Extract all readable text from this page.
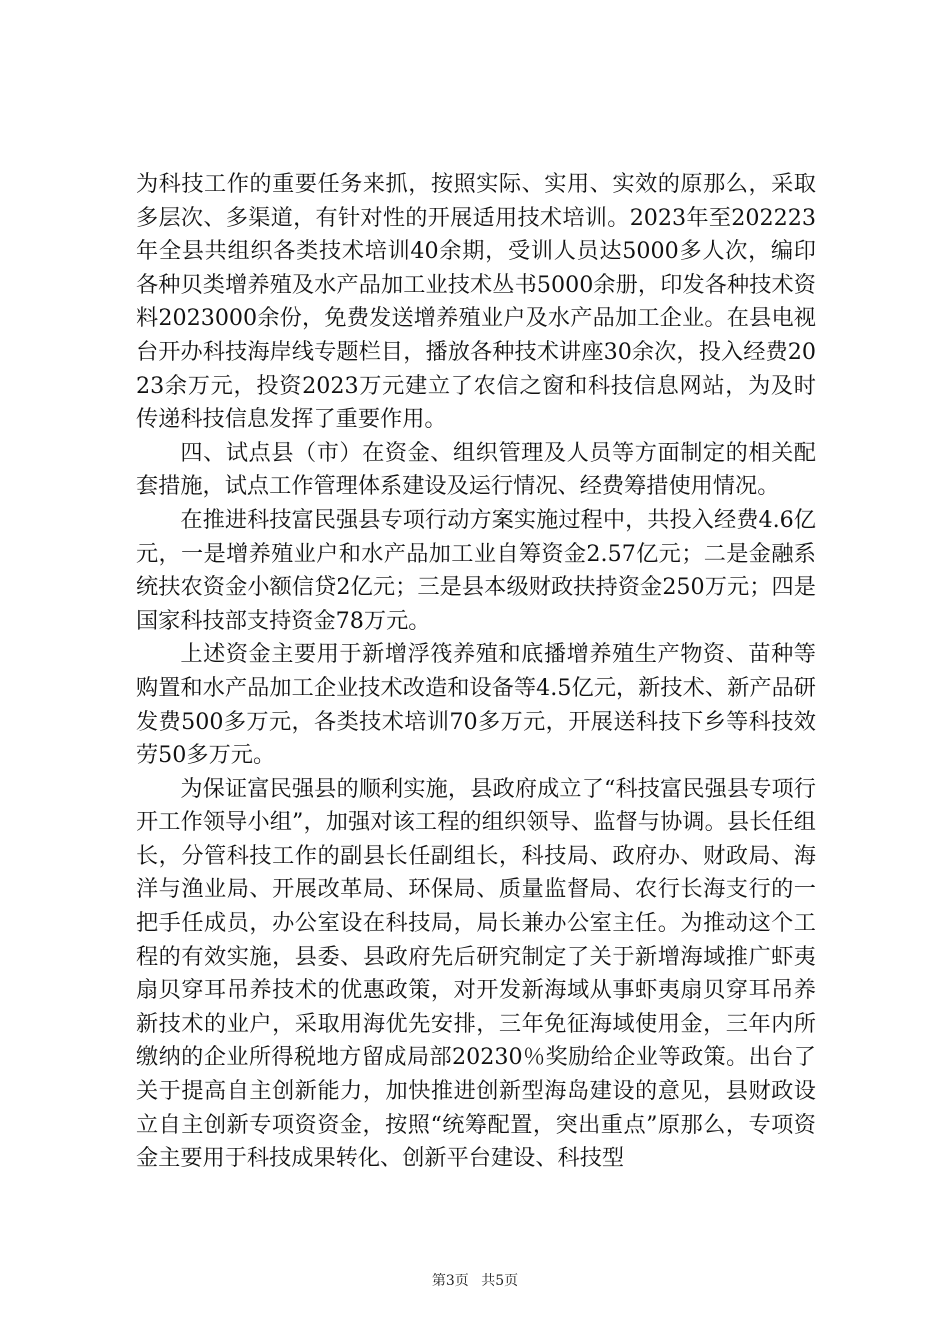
为科技工作的重要任务来抓，按照实际、实用、实效的原那么，采取多层次、多渠道，有针对性的开展适用技术培训。2023年至202223年全县共组织各类技术培训40余期，受训人员达5000多人次，编印各种贝类增养殖及水产品加工业技术丛书5000余册，印发各种技术资料2023000余份，免费发送增养殖业户及水产品加工企业。在县电视台开办科技海岸线专题栏目，播放各种技术讲座30余次，投入经费2023余万元，投资2023万元建立了农信之窗和科技信息网站，为及时传递科技信息发挥了重要作用。

四、试点县（市）在资金、组织管理及人员等方面制定的相关配套措施，试点工作管理体系建设及运行情况、经费筹措使用情况。

在推进科技富民强县专项行动方案实施过程中，共投入经费4.6亿元，一是增养殖业户和水产品加工业自筹资金2.57亿元；二是金融系统扶农资金小额信贷2亿元；三是县本级财政扶持资金250万元；四是国家科技部支持资金78万元。

上述资金主要用于新增浮筏养殖和底播增养殖生产物资、苗种等购置和水产品加工企业技术改造和设备等4.5亿元，新技术、新产品研发费500多万元，各类技术培训70多万元，开展送科技下乡等科技效劳50多万元。

为保证富民强县的顺利实施，县政府成立了“科技富民强县专项行开工作领导小组”，加强对该工程的组织领导、监督与协调。县长任组长，分管科技工作的副县长任副组长，科技局、政府办、财政局、海洋与渔业局、开展改革局、环保局、质量监督局、农行长海支行的一把手任成员，办公室设在科技局，局长兼办公室主任。为推动这个工程的有效实施，县委、县政府先后研究制定了关于新增海域推广虾夷扇贝穿耳吊养技术的优惠政策，对开发新海域从事虾夷扇贝穿耳吊养新技术的业户，采取用海优先安排，三年免征海域使用金，三年内所缴纳的企业所得税地方留成局部20230％奖励给企业等政策。出台了关于提高自主创新能力，加快推进创新型海岛建设的意见，县财政设立自主创新专项资资金，按照“统筹配置，突出重点”原那么，专项资金主要用于科技成果转化、创新平台建设、科技型

第3页 共5页
